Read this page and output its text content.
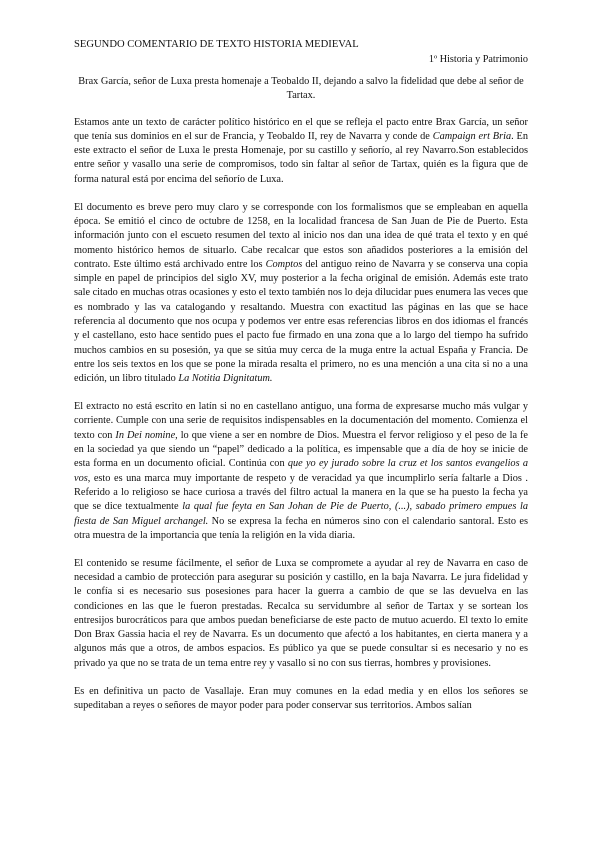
SEGUNDO COMENTARIO DE TEXTO HISTORIA MEDIEVAL

1º Historia y Patrimonio

Brax García, señor de Luxa presta homenaje a Teobaldo II, dejando a salvo la fidelidad que debe al señor de Tartax.

Estamos ante un texto de carácter político histórico en el que se refleja el pacto entre Brax García, un señor que tenía sus dominios en el sur de Francia, y Teobaldo II, rey de Navarra y conde de Campaign ert Bria. En este extracto el señor de Luxa le presta Homenaje, por su castillo y señorío, al rey Navarro.Son establecidos entre señor y vasallo una serie de compromisos, todo sin faltar al señor de Tartax, quién es la figura que de forma natural está por encima del señorío de Luxa.

El documento es breve pero muy claro y se corresponde con los formalismos que se empleaban en aquella época. Se emitió el cinco de octubre de 1258, en la localidad francesa de San Juan de Pie de Puerto. Esta información junto con el escueto resumen del texto al inicio nos dan una idea de qué trata el texto y en qué momento histórico hemos de situarlo. Cabe recalcar que estos son añadidos posteriores a la emisión del contrato. Este último está archivado entre los Comptos del antiguo reino de Navarra y se conserva una copia simple en papel de principios del siglo XV, muy posterior a la fecha original de emisión. Además este trato sale citado en muchas otras ocasiones y esto el texto también nos lo deja dilucidar pues enumera las veces que es nombrado y las va catalogando y resaltando. Muestra con exactitud las páginas en las que se hace referencia al documento que nos ocupa y podemos ver entre esas referencias libros en dos idiomas el francés y el castellano, esto hace sentido pues el pacto fue firmado en una zona que a lo largo del tiempo ha sufrido muchos cambios en su posesión, ya que se sitúa muy cerca de la muga entre la actual España y Francia. De entre los seis textos en los que se pone la mirada resalta el primero, no es una mención a una cita si no a una edición, un libro titulado La Notitia Dignitatum.

El extracto no está escrito en latín si no en castellano antiguo, una forma de expresarse mucho más vulgar y corriente. Cumple con una serie de requisitos indispensables en la documentación del momento. Comienza el texto con In Dei nomine, lo que viene a ser en nombre de Dios. Muestra el fervor religioso y el peso de la fe en la sociedad ya que siendo un “papel” dedicado a la política, es impensable que a día de hoy se inicie de esta forma en un documento oficial. Continúa con que yo ey jurado sobre la cruz et los santos evangelios a vos, esto es una marca muy importante de respeto y de veracidad ya que incumplirlo sería faltarle a Dios . Referido a lo religioso se hace curiosa a través del filtro actual la manera en la que se ha puesto la fecha ya que se dice textualmente la qual fue feyta en San Johan de Pie de Puerto, (...), sabado primero empues la fiesta de San Miguel archangel. No se expresa la fecha en números sino con el calendario santoral. Esto es otra muestra de la importancia que tenía la religión en la vida diaria.

El contenido se resume fácilmente, el señor de Luxa se compromete a ayudar al rey de Navarra en caso de necesidad a cambio de protección para asegurar su posición y castillo, en la baja Navarra. Le jura fidelidad y le confía si es necesario sus posesiones para hacer la guerra a cambio de que se las devuelva en las condiciones en las que le fueron prestadas. Recalca su servidumbre al señor de Tartax y se sortean los entresijos burocráticos para que ambos puedan beneficiarse de este pacto de mutuo acuerdo. El texto lo emite Don Brax Gassia hacia el rey de Navarra. Es un documento que afectó a los habitantes, en cierta manera y a algunos más que a otros, de ambos espacios. Es público ya que se puede consultar si es necesario y no es privado ya que no se trata de un tema entre rey y vasallo si no con sus tierras, hombres y provisiones.

Es en definitiva un pacto de Vasallaje. Eran muy comunes en la edad media y en ellos los señores se supeditaban a reyes o señores de mayor poder para poder conservar sus territorios. Ambos salían
